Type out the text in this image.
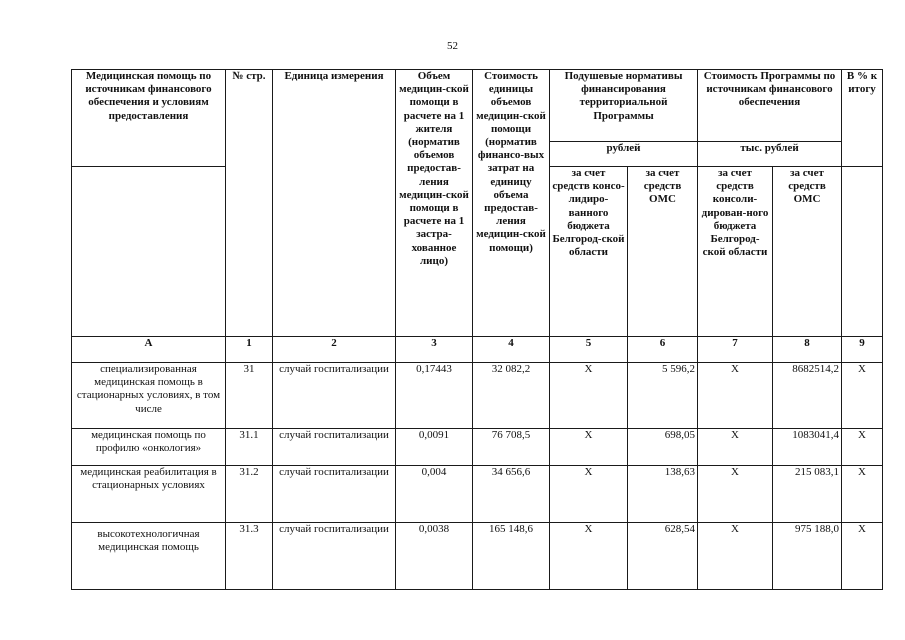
52
Медицинская помощь по источникам финансового обеспечения и условиям предоставления	№ стр.	Единица измерения	Объем медицин-ской помощи в расчете на 1 жителя (норматив объемов предостав-ления медицин-ской помощи в расчете на 1 застра-хованное лицо)	Стоимость единицы объемов медицин-ской помощи (норматив финансо-вых затрат на единицу объема предостав-ления медицин-ской помощи)	Подушевые нормативы финансирования территориальной Программы		Стоимость Программы по источникам финансового обеспечения		В % к итогу
					рублей		тыс. рублей		
					за счет средств консо-лидиро-ванного бюджета Белгород-ской области	за счет средств ОМС	за счет средств консоли-дирован-ного бюджета Белгород-ской области	за счет средств ОМС	
А	1	2	3	4	5	6	7	8	9
специализированная медицинская помощь в стационарных условиях, в том числе	31	случай госпитализации	0,17443	32 082,2	X	5 596,2	X	8682514,2	X
медицинская помощь по профилю «онкология»	31.1	случай госпитализации	0,0091	76 708,5	X	698,05	X	1083041,4	X
медицинская реабилитация в стационарных условиях	31.2	случай госпитализации	0,004	34 656,6	X	138,63	X	215 083,1	X
высокотехнологичная медицинская помощь	31.3	случай госпитализации	0,0038	165 148,6	X	628,54	X	975 188,0	X
